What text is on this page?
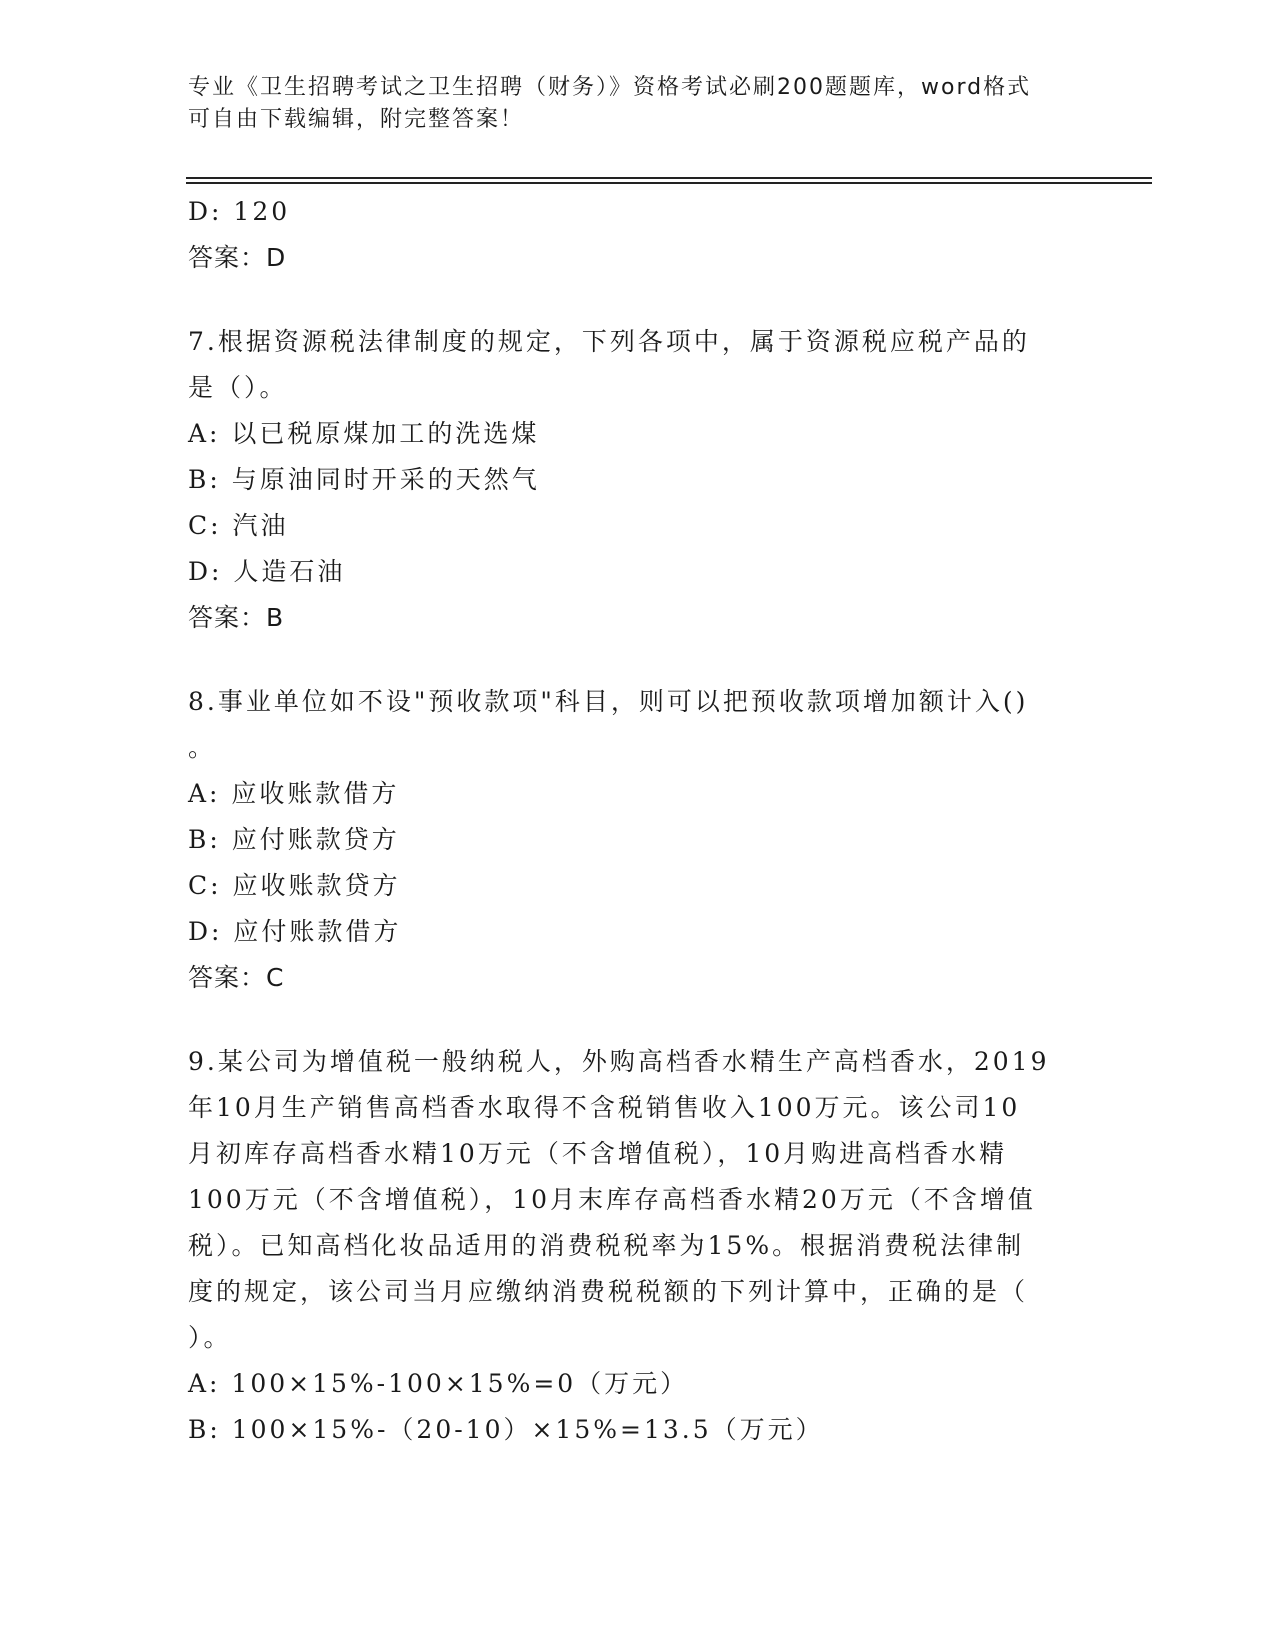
专业《卫生招聘考试之卫生招聘（财务）》资格考试必刷200题题库，word格式
可自由下载编辑，附完整答案！
D: 120
答案：D
7.根据资源税法律制度的规定，下列各项中，属于资源税应税产品的
是（）。
A: 以已税原煤加工的洗选煤
B: 与原油同时开采的天然气
C: 汽油
D: 人造石油
答案：B
8.事业单位如不设"预收款项"科目，则可以把预收款项增加额计入()
。
A: 应收账款借方
B: 应付账款贷方
C: 应收账款贷方
D: 应付账款借方
答案：C
9.某公司为增值税一般纳税人，外购高档香水精生产高档香水，2019
年10月生产销售高档香水取得不含税销售收入100万元。该公司10
月初库存高档香水精10万元（不含增值税），10月购进高档香水精
100万元（不含增值税），10月末库存高档香水精20万元（不含增值
税）。已知高档化妆品适用的消费税税率为15%。根据消费税法律制
度的规定，该公司当月应缴纳消费税税额的下列计算中，正确的是（
）。
A: 100×15%-100×15%=0（万元）
B: 100×15%-（20-10）×15%=13.5（万元）
